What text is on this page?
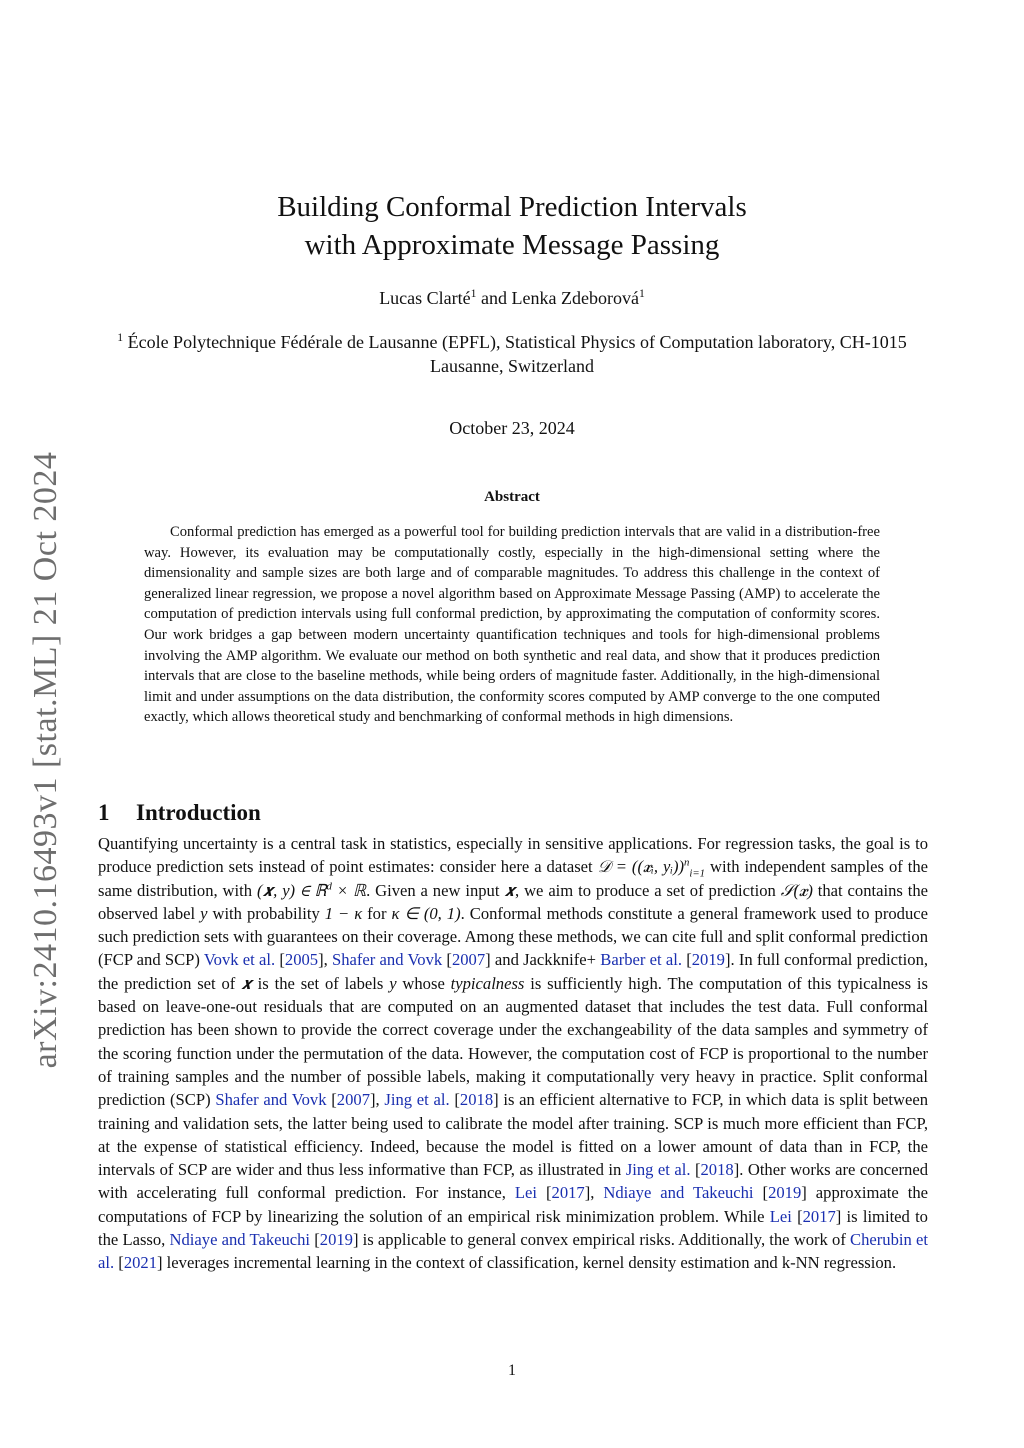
arXiv:2410.16493v1 [stat.ML] 21 Oct 2024
Building Conformal Prediction Intervals
with Approximate Message Passing
Lucas Clarté$^1$ and Lenka Zdeborová$^1$
$^1$ École Polytechnique Fédérale de Lausanne (EPFL), Statistical Physics of Computation laboratory, CH-1015 Lausanne, Switzerland
October 23, 2024
Abstract

Conformal prediction has emerged as a powerful tool for building prediction intervals that are valid in a distribution-free way. However, its evaluation may be computationally costly, especially in the high-dimensional setting where the dimensionality and sample sizes are both large and of comparable magnitudes. To address this challenge in the context of generalized linear regression, we propose a novel algorithm based on Approximate Message Passing (AMP) to accelerate the computation of prediction intervals using full conformal prediction, by approximating the computation of conformity scores. Our work bridges a gap between modern uncertainty quantification techniques and tools for high-dimensional problems involving the AMP algorithm. We evaluate our method on both synthetic and real data, and show that it produces prediction intervals that are close to the baseline methods, while being orders of magnitude faster. Additionally, in the high-dimensional limit and under assumptions on the data distribution, the conformity scores computed by AMP converge to the one computed exactly, which allows theoretical study and benchmarking of conformal methods in high dimensions.

1 Introduction

Quantifying uncertainty is a central task in statistics, especially in sensitive applications. For regression tasks, the goal is to produce prediction sets instead of point estimates: consider here a dataset 𝒟 = ((𝒙ᵢ, yᵢ))$^n_{i=1}$ with independent samples of the same distribution, with (𝒙, y) ∈ ℝ$^d$ × ℝ. Given a new input 𝒙, we aim to produce a set of prediction 𝒮(𝒙) that contains the observed label y with probability 1 − κ for κ ∈ (0, 1). Conformal methods constitute a general framework used to produce such prediction sets with guarantees on their coverage. Among these methods, we can cite full and split conformal prediction (FCP and SCP) Vovk et al. [2005], Shafer and Vovk [2007] and Jackknife+ Barber et al. [2019]. In full conformal prediction, the prediction set of 𝒙 is the set of labels y whose typicalness is sufficiently high. The computation of this typicalness is based on leave-one-out residuals that are computed on an augmented dataset that includes the test data. Full conformal prediction has been shown to provide the correct coverage under the exchangeability of the data samples and symmetry of the scoring function under the permutation of the data. However, the computation cost of FCP is proportional to the number of training samples and the number of possible labels, making it computationally very heavy in practice. Split conformal prediction (SCP) Shafer and Vovk [2007], Jing et al. [2018] is an efficient alternative to FCP, in which data is split between training and validation sets, the latter being used to calibrate the model after training. SCP is much more efficient than FCP, at the expense of statistical efficiency. Indeed, because the model is fitted on a lower amount of data than in FCP, the intervals of SCP are wider and thus less informative than FCP, as illustrated in Jing et al. [2018]. Other works are concerned with accelerating full conformal prediction. For instance, Lei [2017], Ndiaye and Takeuchi [2019] approximate the computations of FCP by linearizing the solution of an empirical risk minimization problem. While Lei [2017] is limited to the Lasso, Ndiaye and Takeuchi [2019] is applicable to general convex empirical risks. Additionally, the work of Cherubin et al. [2021] leverages incremental learning in the context of classification, kernel density estimation and k-NN regression.

1
